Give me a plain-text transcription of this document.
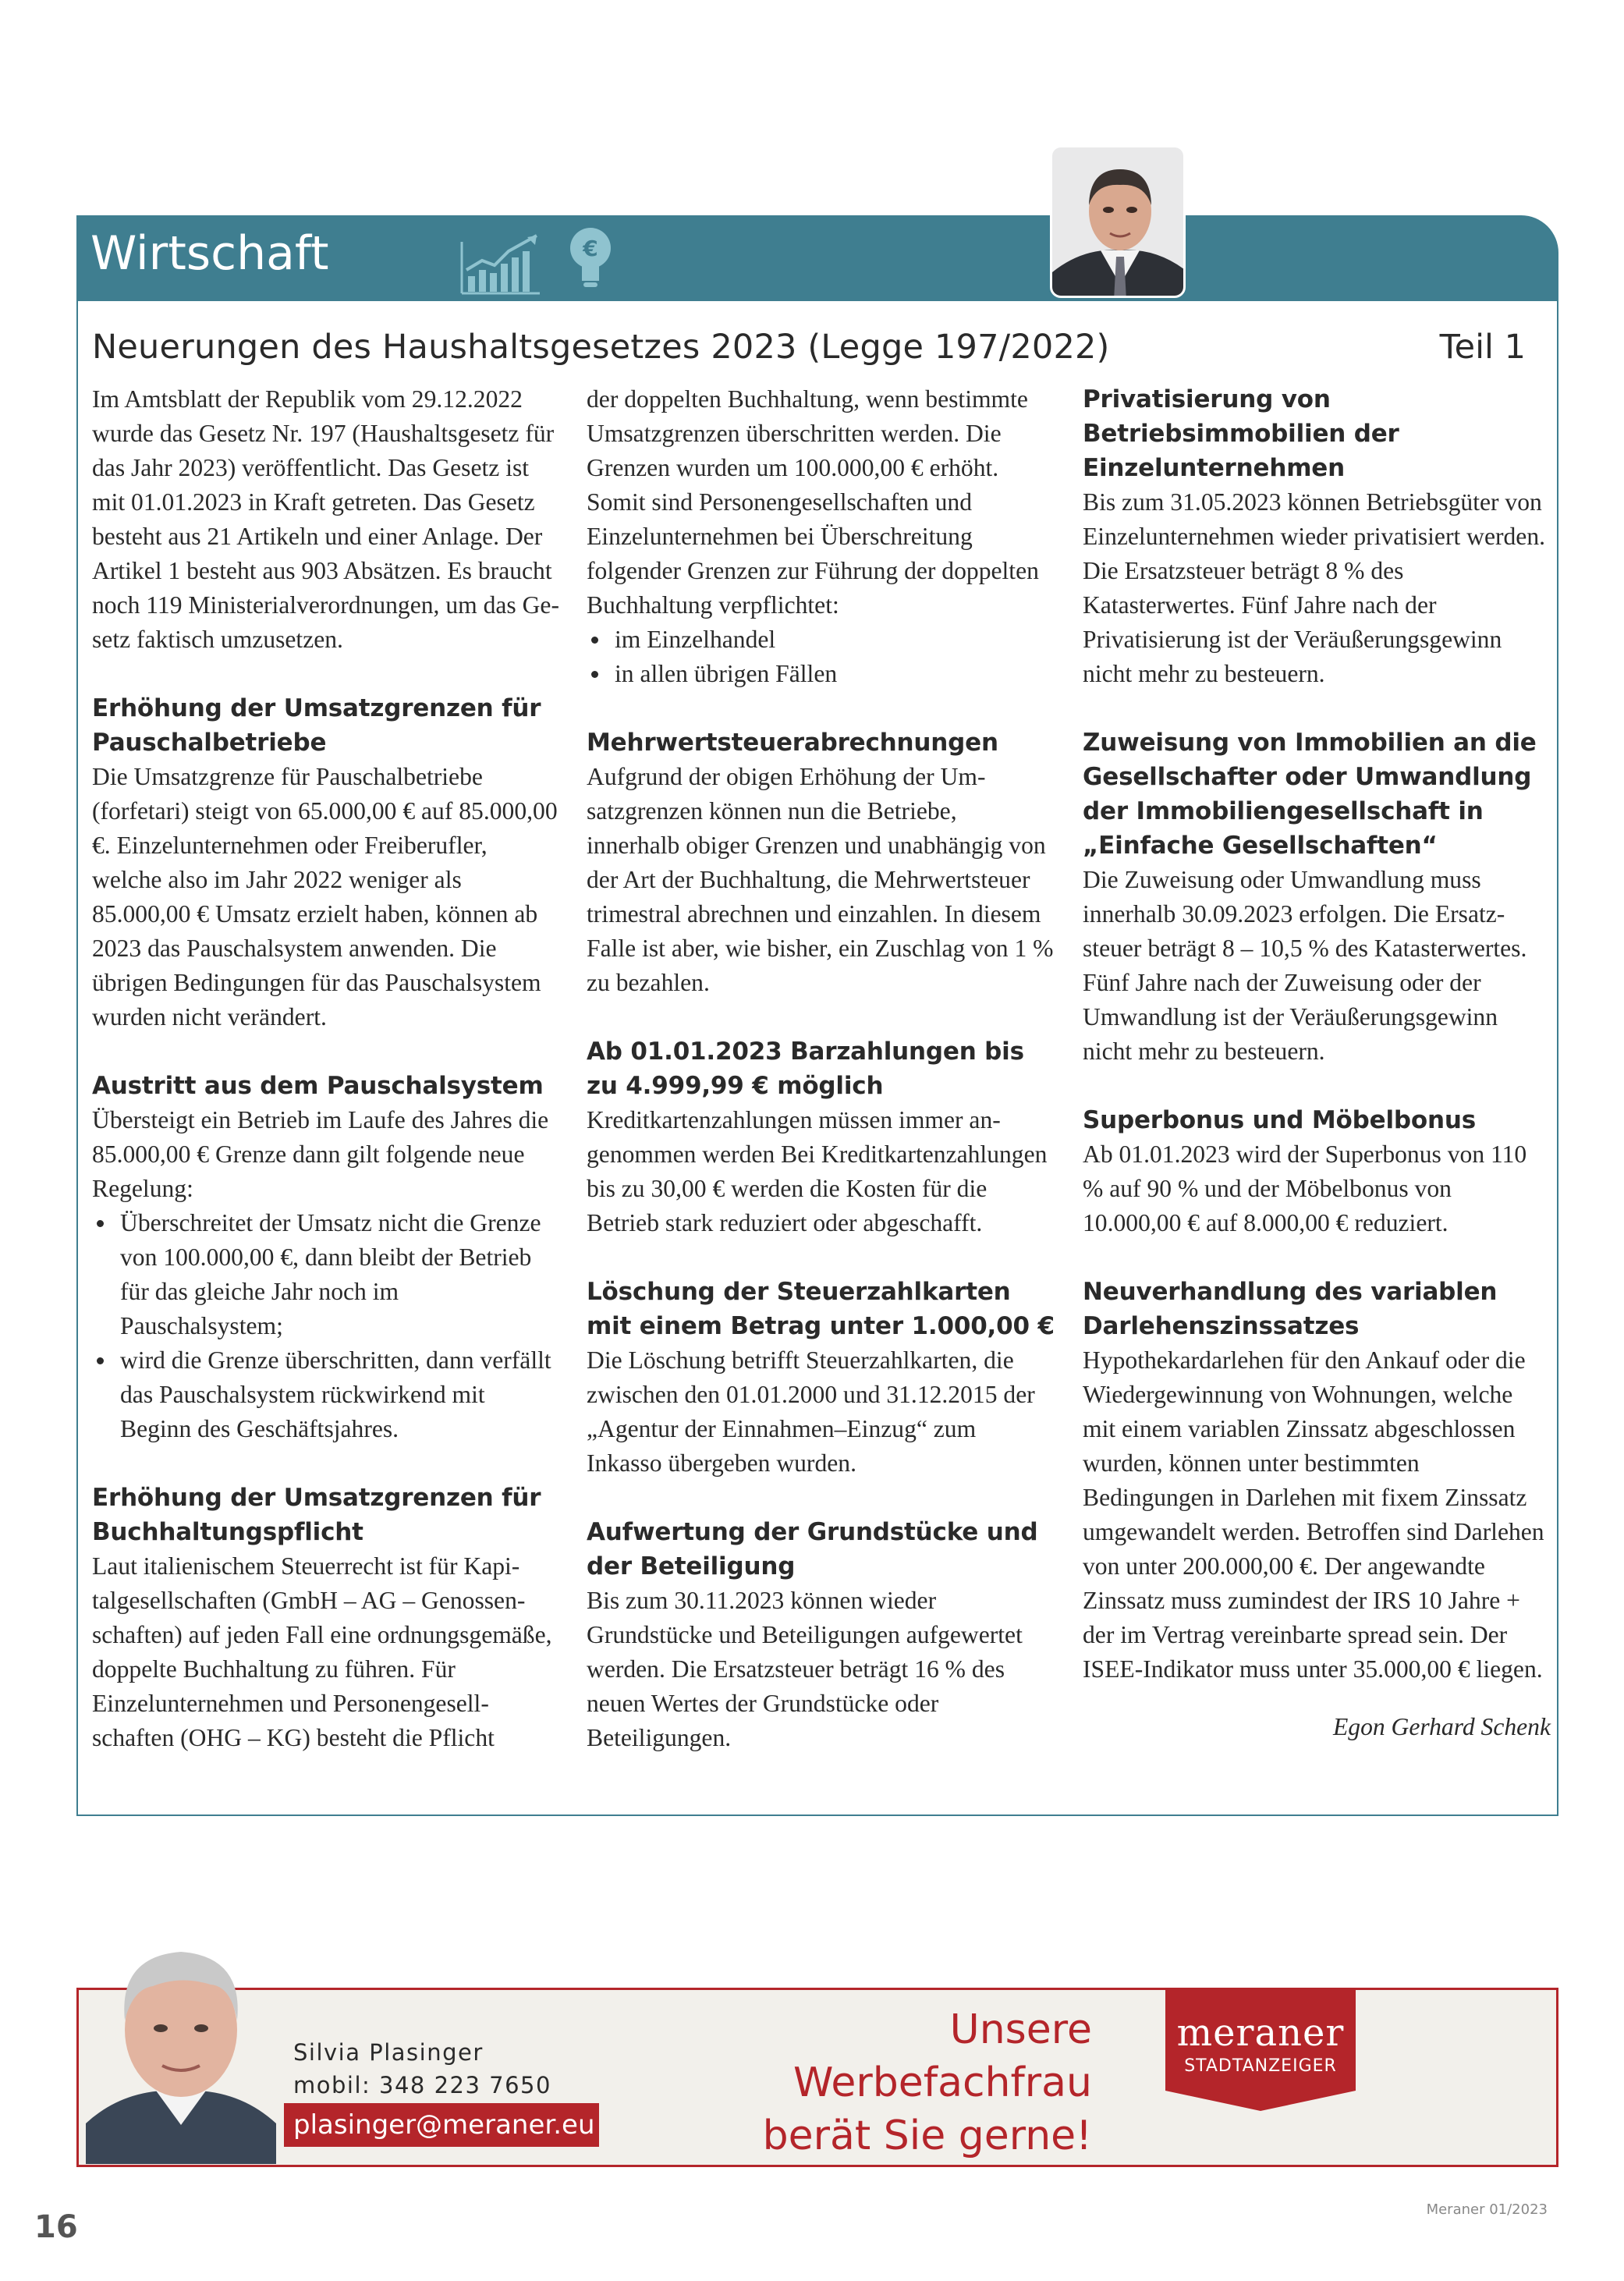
Wirtschaft	€
Neuerungen des Haushaltsgesetzes 2023 (Legge 197/2022)	Teil 1

Im Amtsblatt der Republik vom 29.12.2022 wurde das Gesetz Nr. 197 (Haushaltsgesetz für das Jahr 2023) veröffentlicht. Das Gesetz ist mit 01.01.2023 in Kraft getreten. Das Gesetz besteht aus 21 Artikeln und einer Anlage. Der Artikel 1 besteht aus 903 Absätzen. Es braucht noch 119 Ministerialverordnungen, um das Gesetz faktisch umzusetzen.

Erhöhung der Umsatzgrenzen für Pauschalbetriebe

Die Umsatzgrenze für Pauschalbetriebe (forfetari) steigt von 65.000,00 € auf 85.000,00 €. Einzelunternehmen oder Freiberufler, welche also im Jahr 2022 weniger als 85.000,00 € Umsatz erzielt haben, können ab 2023 das Pauschalsystem anwenden. Die übrigen Bedingungen für das Pauschalsystem wurden nicht verändert.

Austritt aus dem Pauschalsystem

Übersteigt ein Betrieb im Laufe des Jahres die 85.000,00 € Grenze dann gilt folgende neue Regelung:

Überschreitet der Umsatz nicht die Grenze von 100.000,00 €, dann bleibt der Betrieb für das gleiche Jahr noch im Pauschalsystem;
wird die Grenze überschritten, dann verfällt das Pauschalsystem rückwirkend mit Beginn des Geschäftsjahres.
Erhöhung der Umsatzgrenzen für Buchhaltungspflicht

Laut italienischem Steuerrecht ist für Kapitalgesellschaften (GmbH – AG – Genossenschaften) auf jeden Fall eine ordnungsgemäße, doppelte Buchhaltung zu führen. Für Einzelunternehmen und Personengesellschaften (OHG – KG) besteht die Pflicht

der doppelten Buchhaltung, wenn bestimmte Umsatzgrenzen überschritten werden. Die Grenzen wurden um 100.000,00 € erhöht. Somit sind Personengesellschaften und Einzelunternehmen bei Überschreitung folgender Grenzen zur Führung der doppelten Buchhaltung verpflichtet:

im Einzelhandel
in allen übrigen Fällen
Mehrwertsteuerabrechnungen

Aufgrund der obigen Erhöhung der Umsatzgrenzen können nun die Betriebe, innerhalb obiger Grenzen und unabhängig von der Art der Buchhaltung, die Mehrwertsteuer trimestral abrechnen und einzahlen. In diesem Falle ist aber, wie bisher, ein Zuschlag von 1 % zu bezahlen.

Ab 01.01.2023 Barzahlungen bis zu 4.999,99 € möglich

Kreditkartenzahlungen müssen immer angenommen werden Bei Kreditkartenzahlungen bis zu 30,00 € werden die Kosten für die Betrieb stark reduziert oder abgeschafft.

Löschung der Steuerzahlkarten mit einem Betrag unter 1.000,00 €

Die Löschung betrifft Steuerzahlkarten, die zwischen den 01.01.2000 und 31.12.2015 der „Agentur der Einnahmen–Einzug“ zum Inkasso übergeben wurden.

Aufwertung der Grundstücke und der Beteiligung

Bis zum 30.11.2023 können wieder Grundstücke und Beteiligungen aufgewertet werden. Die Ersatzsteuer beträgt 16 % des neuen Wertes der Grundstücke oder Beteiligungen.

Privatisierung von Betriebsimmobilien der Einzelunternehmen

Bis zum 31.05.2023 können Betriebsgüter von Einzelunternehmen wieder privatisiert werden. Die Ersatzsteuer beträgt 8 % des Katasterwertes. Fünf Jahre nach der Privatisierung ist der Veräußerungsgewinn nicht mehr zu besteuern.

Zuweisung von Immobilien an die Gesellschafter oder Umwandlung der Immobiliengesellschaft in „Einfache Gesellschaften“

Die Zuweisung oder Umwandlung muss innerhalb 30.09.2023 erfolgen. Die Ersatzsteuer beträgt 8 – 10,5 % des Katasterwertes. Fünf Jahre nach der Zuweisung oder der Umwandlung ist der Veräußerungsgewinn nicht mehr zu besteuern.

Superbonus und Möbelbonus

Ab 01.01.2023 wird der Superbonus von 110 % auf 90 % und der Möbelbonus von 10.000,00 € auf 8.000,00 € reduziert.

Neuverhandlung des variablen Darlehenszinssatzes

Hypothekardarlehen für den Ankauf oder die Wiedergewinnung von Wohnungen, welche mit einem variablen Zinssatz abgeschlossen wurden, können unter bestimmten Bedingungen in Darlehen mit fixem Zinssatz umgewandelt werden. Betroffen sind Darlehen von unter 200.000,00 €. Der angewandte Zinssatz muss zumindest der IRS 10 Jahre + der im Vertrag vereinbarte spread sein. Der ISEE-Indikator muss unter 35.000,00 € liegen.

Egon Gerhard Schenk
Silvia Plasinger
mobil: 348 223 7650
plasinger@meraner.eu
Unsere Werbefachfrau
berät Sie gerne!
meraner
STADTANZEIGER
16	Meraner 01/2023
